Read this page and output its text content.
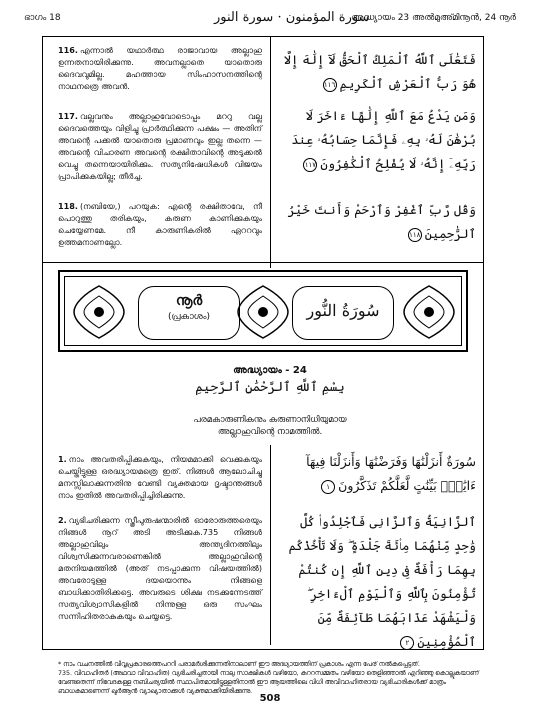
ഭാഗം 18	سورة المؤمنون · سورة النور
അദ്ധ്യായം 23 അൽമുഅ്മിനൂൻ, 24 നൂർ
116. എന്നാൽ യഥാർത്ഥ രാജാവായ അല്ലാഹു ഉന്നതനായിരിക്കുന്നു. അവനല്ലാതെ യാതൊരു ദൈവവുമില്ല. മഹത്തായ സിംഹാസനത്തിന്റെ നാഥനത്രെ അവൻ.
117. വല്ലവനും അല്ലാഹുവോടൊപ്പം മററു വല്ല ദൈവത്തെയും വിളിച്ചു പ്രാർത്ഥിക്കുന്ന പക്ഷം — അതിന് അവന്റെ പക്കൽ യാതൊരു പ്രമാണവും ഇല്ല തന്നെ — അവന്റെ വിചാരണ അവന്റെ രക്ഷിതാവിന്റെ അടുക്കൽ വെച്ചു തന്നെയായിരിക്കും. സത്യനിഷേധികൾ വിജയം പ്രാപിക്കുകയില്ല; തീർച്ച.
118. (നബിയേ,) പറയുക: എന്റെ രക്ഷിതാവേ, നീ പൊറുത്തു തരികയും, കരുണ കാണിക്കുകയും ചെയ്യേണമേ. നീ കാരുണികരിൽ ഏററവും ഉത്തമനാണല്ലോ.
فَتَعَٰلَى ٱللَّهُ ٱلْمَلِكُ ٱلْحَقُّ لَآ إِلَٰهَ إِلَّا هُوَ رَبُّ ٱلْعَرْشِ ٱلْكَرِيمِ١١٦
وَمَن يَدْعُ مَعَ ٱللَّهِ إِلَٰهًا ءَاخَرَ لَا بُرْهَٰنَ لَهُۥ بِهِۦ فَإِنَّمَا حِسَابُهُۥ عِندَ رَبِّهِۦٓ إِنَّهُۥ لَا يُفْلِحُ ٱلْكَٰفِرُونَ١١٧
وَقُل رَّبِّ ٱغْفِرْ وَٱرْحَمْ وَأَنتَ خَيْرُ ٱلرَّٰحِمِينَ١١٨
നൂർ
(പ്രകാശം)	سُورَةُ النُّور
അദ്ധ്യായം - 24
بِسْمِ ٱللَّهِ ٱلرَّحْمَٰنِ ٱلرَّحِيمِ
പരമകാരുണികനും കരുണാനിധിയുമായ
അല്ലാഹുവിന്റെ നാമത്തിൽ.
1. നാം അവതരിപ്പിക്കുകയും, നിയമമാക്കി വെക്കുകയും ചെയ്തിട്ടുള്ള ഒരദ്ധ്യായമത്രെ ഇത്. നിങ്ങൾ ആലോചിച്ചു മനസ്സിലാക്കുന്നതിനു വേണ്ടി വ്യക്തമായ ദൃഷ്ടാന്തങ്ങൾ നാം ഇതിൽ അവതരിപ്പിച്ചിരിക്കുന്നു.
2. വ്യഭിചരിക്കുന്ന സ്ത്രീപുരുഷന്മാരിൽ ഓരോരുത്തരെയും നിങ്ങൾ നൂറ് അടി അടിക്കുക.735 നിങ്ങൾ അല്ലാഹുവിലും അന്ത്യദിനത്തിലും വിശ്വസിക്കുന്നവരാണെങ്കിൽ അല്ലാഹുവിന്റെ മതനിയമത്തിൽ (അത് നടപ്പാക്കുന്ന വിഷയത്തിൽ) അവരോടുള്ള ദയയൊന്നും നിങ്ങളെ ബാധിക്കാതിരിക്കട്ടെ. അവരുടെ ശിക്ഷ നടക്കുന്നേടത്ത് സത്യവിശ്വാസികളിൽ നിന്നുള്ള ഒരു സംഘം സന്നിഹിതരാകുകയും ചെയ്യട്ടെ.
سُورَةٌ أَنزَلْنَٰهَا وَفَرَضْنَٰهَا وَأَنزَلْنَا فِيهَآ ءَايَٰتٍۭ بَيِّنَٰتٍ لَّعَلَّكُمْ تَذَكَّرُونَ١
ٱلزَّانِيَةُ وَٱلزَّانِى فَٱجْلِدُوا۟ كُلَّ وَٰحِدٍ مِّنْهُمَا مِا۟ئَةَ جَلْدَةٍ ۖ وَلَا تَأْخُذْكُم بِهِمَا رَأْفَةٌ فِى دِينِ ٱللَّهِ إِن كُنتُمْ تُؤْمِنُونَ بِٱللَّهِ وَٱلْيَوْمِ ٱلْءَاخِرِ ۖ وَلْيَشْهَدْ عَذَابَهُمَا طَآئِفَةٌ مِّنَ ٱلْمُؤْمِنِينَ٢
* നാം വചനത്തിൽ വിവൃപ്രകാരത്തെപററി പരാമർശിക്കുന്നതിനാലാണ് ഈ അദ്ധ്യായത്തിന് പ്രകാശം എന്ന പേര് നൽകപ്പെട്ടത്.
735. വിവാഹിതർ (അഥവാ വിവാഹിത) വ്യഭിചരിച്ചതായി നാലു സാക്ഷികൾ വഴിയോ, കുററസമ്മതം വഴിയോ തെളിഞ്ഞാൽ എറിഞ്ഞു കൊല്ലുകയാണ് വേണ്ടതെന്ന് നിവേദകള്ള നബിചര്യയിൽ സ്ഥാപിതമായിട്ടുള്ളതിനാൽ ഈ ആയത്തിലെ വിധി അവിവാഹിതരായ വ്യഭിചാരികൾക്ക് മാത്രം ബാധകമാണെന്ന് ഖുർആൻ വ്യാഖ്യാതാക്കൾ വ്യക്തമാക്കിയിരിക്കുന്നു.
508
